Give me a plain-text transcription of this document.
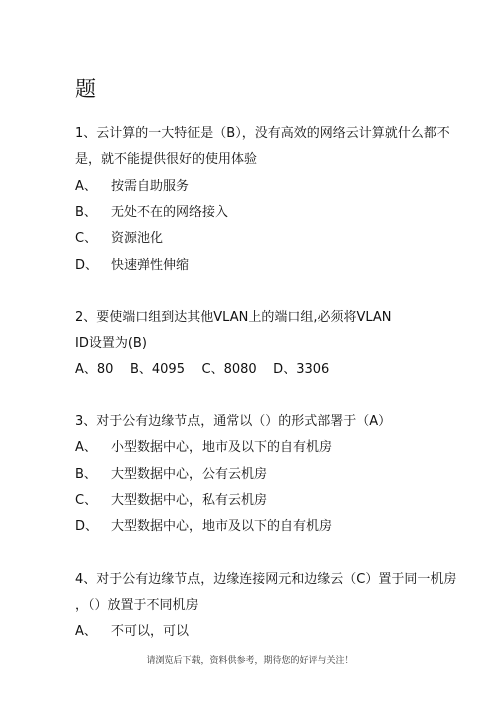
题
1、云计算的一大特征是（B），没有高效的网络云计算就什么都不
是，就不能提供很好的使用体验
A、 按需自助服务
B、 无处不在的网络接入
C、 资源池化
D、 快速弹性伸缩
2、要使端口组到达其他VLAN上的端口组,必须将VLAN
ID设置为(B)
A、80    B、4095    C、8080    D、3306
3、对于公有边缘节点，通常以（）的形式部署于（A）
A、 小型数据中心，地市及以下的自有机房
B、 大型数据中心，公有云机房
C、 大型数据中心，私有云机房
D、 大型数据中心，地市及以下的自有机房
4、对于公有边缘节点，边缘连接网元和边缘云（C）置于同一机房
，（）放置于不同机房
A、 不可以，可以
请浏览后下载，资料供参考，期待您的好评与关注！
